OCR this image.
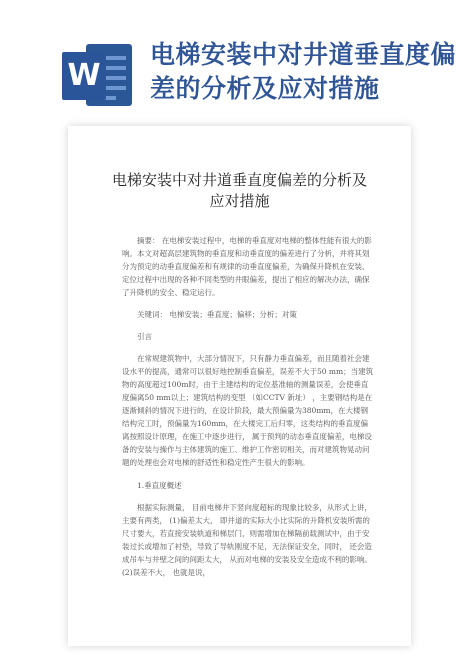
W
电梯安装中对井道垂直度偏差的分析及应对措施
电梯安装中对井道垂直度偏差的分析及
应对措施

摘要： 在电梯安装过程中，电梯的垂直度对电梯的整体性能有很大的影响。本文对超高层建筑物的垂直度和动垂直度的偏差进行了分析，并将其划分为预定的动垂直度偏差和有规律的动垂直度偏差，为确保升降机在安装、定位过程中出现的各种不同类型的井眼偏差，提出了相应的解决办法，确保了升降机的安全、稳定运行。

关键词： 电梯安装；垂直度；偏移；分析；对策

引言

在常规建筑物中，大部分情况下，只有静力垂直偏差，而且随着社会建设水平的提高，通常可以很好地控制垂直偏差，误差不大于50 mm；当建筑物的高度超过100m时，由于主建结构的定位基准轴的测量误差，会使垂直度偏离50 mm以上；建筑结构的变型 （如CCTV 新址） ，主要钢结构是在逐渐倾斜的情况下进行的，在设计阶段，最大预偏量为380mm，在大楼钢结构完工时，预偏量为160mm，在大楼完工后归零，这类结构的垂直度偏离按照设计原理，在施工中逐步进行， 属于预判的动态垂直度偏差，电梯设备的安装与操作与主体建筑的施工、维护工作密切相关，而对建筑物晃动问题的处理也会对电梯的舒适性和稳定性产生很大的影响。

1.垂直度概述

根据实际测量， 目前电梯井下竖向度超标的现象比较多，从形式上讲，主要有两类， (1)偏差太大， 即井道的实际大小比实际的升降机安装所需的尺寸要大，若直接安装轨道和梯层门，则需增加在梯隔前载测试中，由于安装过长或增加了衬垫，导致了导轨刚度不足，无法保证安全，同时， 还会造成吊车与井壁之间的间距太大， 从而对电梯的安装及安全造成不利的影响。 (2)误差不大， 也就是说，
